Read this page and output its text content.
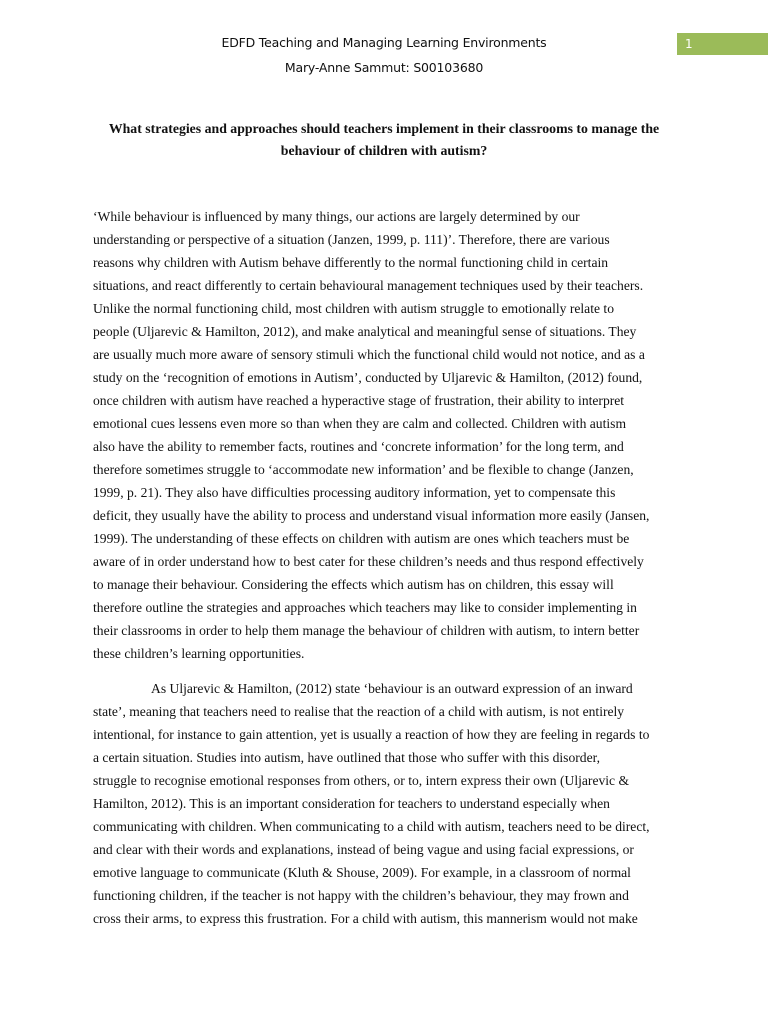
EDFD Teaching and Managing Learning Environments
Mary-Anne Sammut: S00103680
1
What strategies and approaches should teachers implement in their classrooms to manage the
behaviour of children with autism?
‘While behaviour is influenced by many things, our actions are largely determined by our
understanding or perspective of a situation (Janzen, 1999, p. 111)’. Therefore, there are various
reasons why children with Autism behave differently to the normal functioning child in certain
situations, and react differently to certain behavioural management techniques used by their teachers.
Unlike the normal functioning child, most children with autism struggle to emotionally relate to
people (Uljarevic & Hamilton, 2012), and make analytical and meaningful sense of situations. They
are usually much more aware of sensory stimuli which the functional child would not notice, and as a
study on the ‘recognition of emotions in Autism’, conducted by Uljarevic & Hamilton, (2012) found,
once children with autism have reached a hyperactive stage of frustration, their ability to interpret
emotional cues lessens even more so than when they are calm and collected. Children with autism
also have the ability to remember facts, routines and ‘concrete information’ for the long term, and
therefore sometimes struggle to ‘accommodate new information’ and be flexible to change (Janzen,
1999, p. 21). They also have difficulties processing auditory information, yet to compensate this
deficit, they usually have the ability to process and understand visual information more easily (Jansen,
1999). The understanding of these effects on children with autism are ones which teachers must be
aware of in order understand how to best cater for these children’s needs and thus respond effectively
to manage their behaviour. Considering the effects which autism has on children, this essay will
therefore outline the strategies and approaches which teachers may like to consider implementing in
their classrooms in order to help them manage the behaviour of children with autism, to intern better
these children’s learning opportunities.
As Uljarevic & Hamilton, (2012) state ‘behaviour is an outward expression of an inward
state’, meaning that teachers need to realise that the reaction of a child with autism, is not entirely
intentional, for instance to gain attention, yet is usually a reaction of how they are feeling in regards to
a certain situation. Studies into autism, have outlined that those who suffer with this disorder,
struggle to recognise emotional responses from others, or to, intern express their own (Uljarevic &
Hamilton, 2012). This is an important consideration for teachers to understand especially when
communicating with children. When communicating to a child with autism, teachers need to be direct,
and clear with their words and explanations, instead of being vague and using facial expressions, or
emotive language to communicate (Kluth & Shouse, 2009). For example, in a classroom of normal
functioning children, if the teacher is not happy with the children’s behaviour, they may frown and
cross their arms, to express this frustration. For a child with autism, this mannerism would not make
